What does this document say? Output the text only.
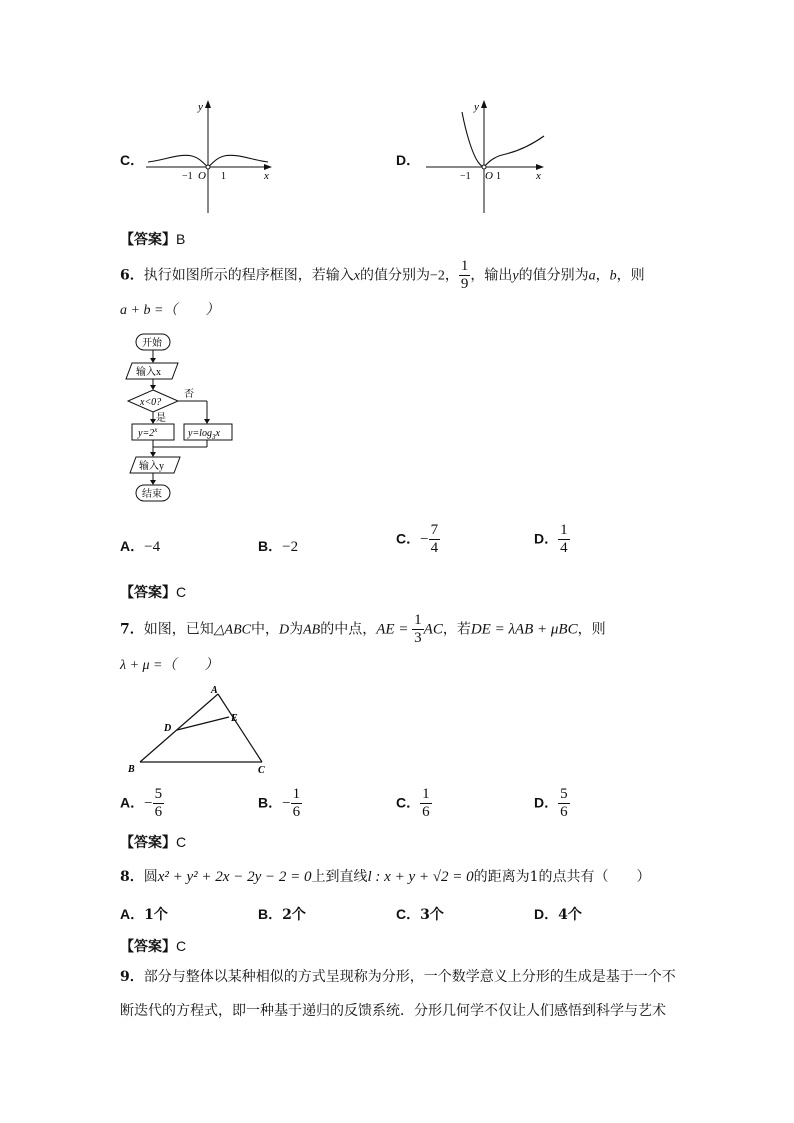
C．
y
x
O
−1	1
D．
y
x
O
−1	1
【答案】B
6．执行如图所示的程序框图，若输入x的值分别为−2， $\frac{1}{9}$ ，输出y的值分别为a，b，则
a + b =（　　）
开始
输入x
x<0?
否
是
$y=2^x$	$y=\log_3x$
输入y
结束
A．−4	B．−2
C．− $\frac{7}{4}$	D． $\frac{1}{4}$
【答案】C
7．如图，已知△ABC中，D为AB的中点，AE = $\frac{1}{3}$ AC，若DE = λAB + μBC，则
λ + μ =（　　）
A
B	C
D
E
A．− $\frac{5}{6}$	B．− $\frac{1}{6}$	C． $\frac{1}{6}$	D． $\frac{5}{6}$
【答案】C
8．圆x² + y² + 2x − 2y − 2 = 0上到直线l : x + y + √2 = 0的距离为1的点共有（　　）
A．1个	B．2个	C．3个	D．4个
【答案】C
9．部分与整体以某种相似的方式呈现称为分形，一个数学意义上分形的生成是基于一个不
断迭代的方程式，即一种基于递归的反馈系统．分形几何学不仅让人们感悟到科学与艺术
